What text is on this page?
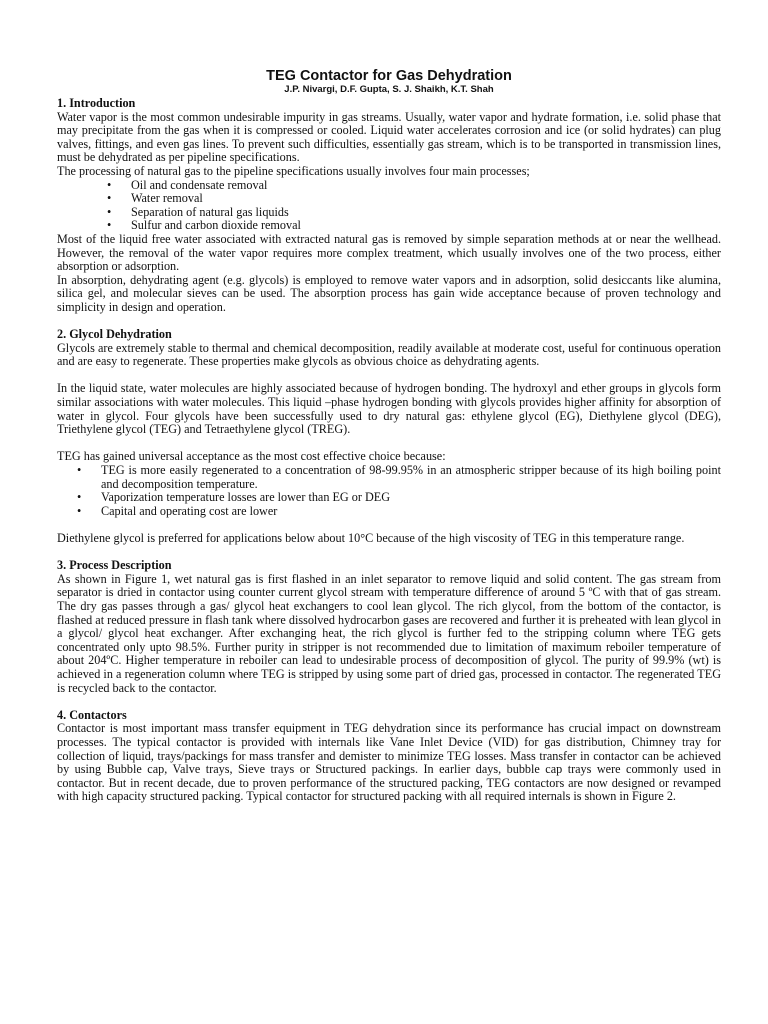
TEG Contactor for Gas Dehydration
J.P. Nivargi, D.F. Gupta, S. J. Shaikh, K.T. Shah
1. Introduction

Water vapor is the most common undesirable impurity in gas streams. Usually, water vapor and hydrate formation, i.e. solid phase that may precipitate from the gas when it is compressed or cooled. Liquid water accelerates corrosion and ice (or solid hydrates) can plug valves, fittings, and even gas lines. To prevent such difficulties, essentially gas stream, which is to be transported in transmission lines, must be dehydrated as per pipeline specifications.

The processing of natural gas to the pipeline specifications usually involves four main processes;

• Oil and condensate removal
• Water removal
• Separation of natural gas liquids
• Sulfur and carbon dioxide removal

Most of the liquid free water associated with extracted natural gas is removed by simple separation methods at or near the wellhead. However, the removal of the water vapor requires more complex treatment, which usually involves one of the two process, either absorption or adsorption.

In absorption, dehydrating agent (e.g. glycols) is employed to remove water vapors and in adsorption, solid desiccants like alumina, silica gel, and molecular sieves can be used. The absorption process has gain wide acceptance because of proven technology and simplicity in design and operation.

2. Glycol Dehydration

Glycols are extremely stable to thermal and chemical decomposition, readily available at moderate cost, useful for continuous operation and are easy to regenerate. These properties make glycols as obvious choice as dehydrating agents.

In the liquid state, water molecules are highly associated because of hydrogen bonding. The hydroxyl and ether groups in glycols form similar associations with water molecules. This liquid –phase hydrogen bonding with glycols provides higher affinity for absorption of water in glycol. Four glycols have been successfully used to dry natural gas: ethylene glycol (EG), Diethylene glycol (DEG), Triethylene glycol (TEG) and Tetraethylene glycol (TREG).

TEG has gained universal acceptance as the most cost effective choice because:

• TEG is more easily regenerated to a concentration of 98-99.95% in an atmospheric stripper because of its high boiling point and decomposition temperature.
• Vaporization temperature losses are lower than EG or DEG
• Capital and operating cost are lower

Diethylene glycol is preferred for applications below about 10°C because of the high viscosity of TEG in this temperature range.

3. Process Description

As shown in Figure 1, wet natural gas is first flashed in an inlet separator to remove liquid and solid content. The gas stream from separator is dried in contactor using counter current glycol stream with temperature difference of around 5 ºC with that of gas stream. The dry gas passes through a gas/ glycol heat exchangers to cool lean glycol. The rich glycol, from the bottom of the contactor, is flashed at reduced pressure in flash tank where dissolved hydrocarbon gases are recovered and further it is preheated with lean glycol in a glycol/ glycol heat exchanger. After exchanging heat, the rich glycol is further fed to the stripping column where TEG gets concentrated only upto 98.5%. Further purity in stripper is not recommended due to limitation of maximum reboiler temperature of about 204ºC. Higher temperature in reboiler can lead to undesirable process of decomposition of glycol. The purity of 99.9% (wt) is achieved in a regeneration column where TEG is stripped by using some part of dried gas, processed in contactor. The regenerated TEG is recycled back to the contactor.

4. Contactors

Contactor is most important mass transfer equipment in TEG dehydration since its performance has crucial impact on downstream processes. The typical contactor is provided with internals like Vane Inlet Device (VID) for gas distribution, Chimney tray for collection of liquid, trays/packings for mass transfer and demister to minimize TEG losses. Mass transfer in contactor can be achieved by using Bubble cap, Valve trays, Sieve trays or Structured packings. In earlier days, bubble cap trays were commonly used in contactor. But in recent decade, due to proven performance of the structured packing, TEG contactors are now designed or revamped with high capacity structured packing. Typical contactor for structured packing with all required internals is shown in Figure 2.
